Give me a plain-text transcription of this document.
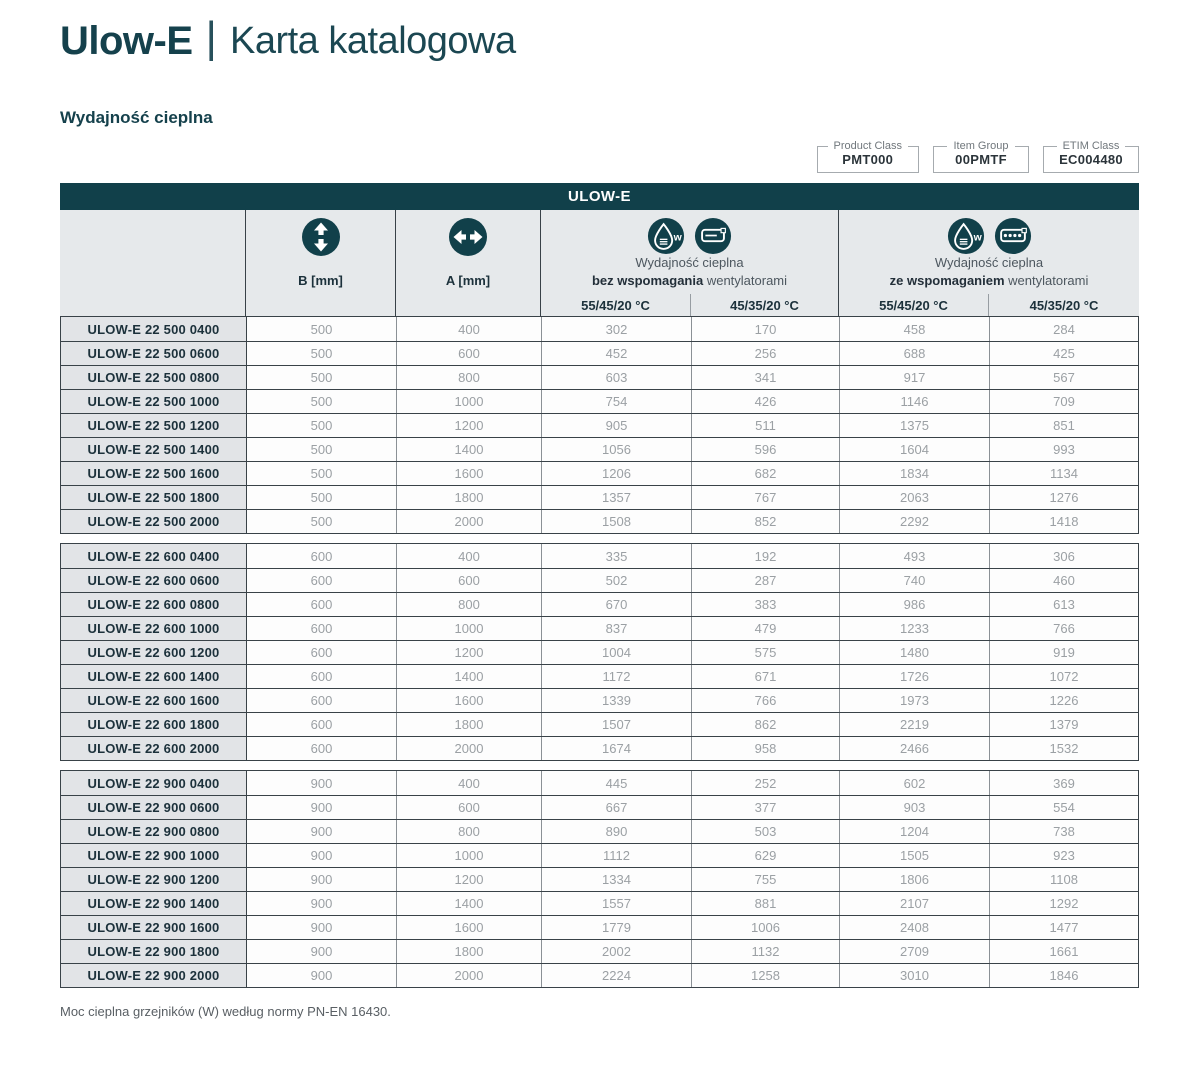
Ulow-E | Karta katalogowa
Wydajność cieplna
Product Class
PMT000
Item Group
00PMTF
ETIM Class
EC004480
ULOW-E
B [mm]	A [mm]
w
Wydajność cieplna
bez wspomagania wentylatorami
w
Wydajność cieplna
ze wspomaganiem wentylatorami
55/45/20 °C	45/35/20 °C	55/45/20 °C	45/35/20 °C
ULOW-E 22 500 0400	500	400	302	170	458	284
ULOW-E 22 500 0600	500	600	452	256	688	425
ULOW-E 22 500 0800	500	800	603	341	917	567
ULOW-E 22 500 1000	500	1000	754	426	1146	709
ULOW-E 22 500 1200	500	1200	905	511	1375	851
ULOW-E 22 500 1400	500	1400	1056	596	1604	993
ULOW-E 22 500 1600	500	1600	1206	682	1834	1134
ULOW-E 22 500 1800	500	1800	1357	767	2063	1276
ULOW-E 22 500 2000	500	2000	1508	852	2292	1418
ULOW-E 22 600 0400	600	400	335	192	493	306
ULOW-E 22 600 0600	600	600	502	287	740	460
ULOW-E 22 600 0800	600	800	670	383	986	613
ULOW-E 22 600 1000	600	1000	837	479	1233	766
ULOW-E 22 600 1200	600	1200	1004	575	1480	919
ULOW-E 22 600 1400	600	1400	1172	671	1726	1072
ULOW-E 22 600 1600	600	1600	1339	766	1973	1226
ULOW-E 22 600 1800	600	1800	1507	862	2219	1379
ULOW-E 22 600 2000	600	2000	1674	958	2466	1532
ULOW-E 22 900 0400	900	400	445	252	602	369
ULOW-E 22 900 0600	900	600	667	377	903	554
ULOW-E 22 900 0800	900	800	890	503	1204	738
ULOW-E 22 900 1000	900	1000	1112	629	1505	923
ULOW-E 22 900 1200	900	1200	1334	755	1806	1108
ULOW-E 22 900 1400	900	1400	1557	881	2107	1292
ULOW-E 22 900 1600	900	1600	1779	1006	2408	1477
ULOW-E 22 900 1800	900	1800	2002	1132	2709	1661
ULOW-E 22 900 2000	900	2000	2224	1258	3010	1846

Moc cieplna grzejników (W) według normy PN-EN 16430.
